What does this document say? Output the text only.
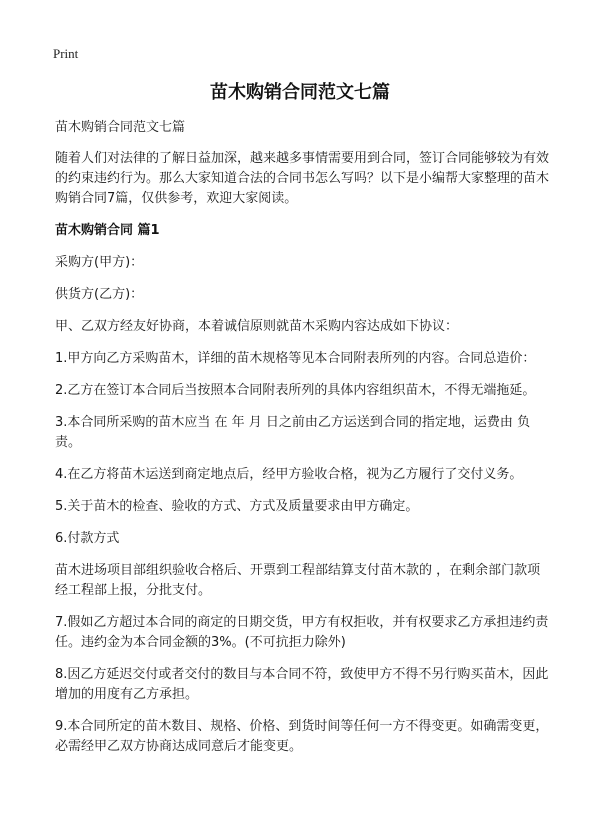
Print
苗木购销合同范文七篇

苗木购销合同范文七篇

随着人们对法律的了解日益加深，越来越多事情需要用到合同，签订合同能够较为有效的约束违约行为。那么大家知道合法的合同书怎么写吗？以下是小编帮大家整理的苗木购销合同7篇，仅供参考，欢迎大家阅读。

苗木购销合同 篇1

采购方(甲方)：

供货方(乙方)：

甲、乙双方经友好协商，本着诚信原则就苗木采购内容达成如下协议：

1.甲方向乙方采购苗木，详细的苗木规格等见本合同附表所列的内容。合同总造价：

2.乙方在签订本合同后当按照本合同附表所列的具体内容组织苗木，不得无端拖延。

3.本合同所采购的苗木应当 在 年 月 日之前由乙方运送到合同的指定地，运费由 负责。

4.在乙方将苗木运送到商定地点后，经甲方验收合格，视为乙方履行了交付义务。

5.关于苗木的检查、验收的方式、方式及质量要求由甲方确定。

6.付款方式

苗木进场项目部组织验收合格后、开票到工程部结算支付苗木款的 ，在剩余部门款项经工程部上报，分批支付。

7.假如乙方超过本合同的商定的日期交货，甲方有权拒收，并有权要求乙方承担违约责任。违约金为本合同金额的3%。(不可抗拒力除外)

8.因乙方延迟交付或者交付的数目与本合同不符，致使甲方不得不另行购买苗木，因此增加的用度有乙方承担。

9.本合同所定的苗木数目、规格、价格、到货时间等任何一方不得变更。如确需变更，必需经甲乙双方协商达成同意后才能变更。
